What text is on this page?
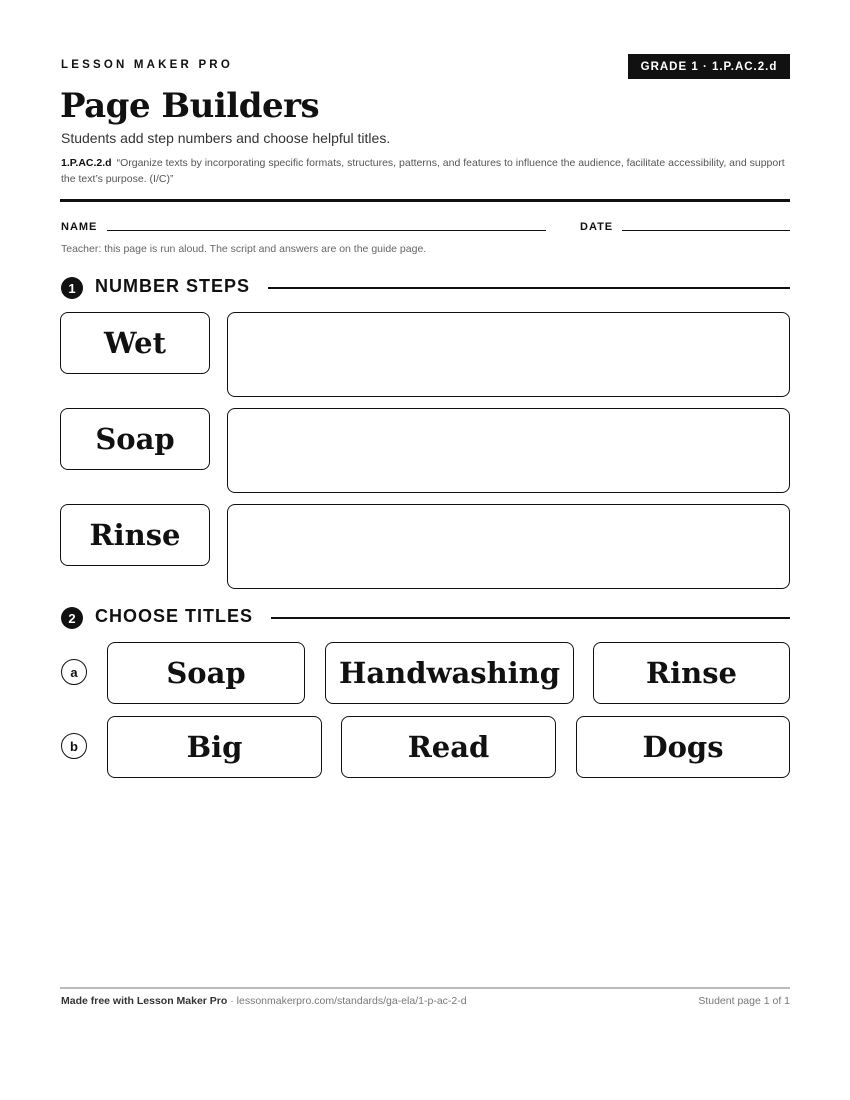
LESSON MAKER PRO	GRADE 1 · 1.P.AC.2.d
Page Builders
Students add step numbers and choose helpful titles.
1.P.AC.2.d “Organize texts by incorporating specific formats, structures, patterns, and features to influence the audience, facilitate accessibility, and support the text’s purpose. (I/C)”
NAME	DATE
Teacher: this page is run aloud. The script and answers are on the guide page.
1	NUMBER STEPS
Wet
Soap
Rinse
2	CHOOSE TITLES
a	Soap	Handwashing	Rinse
b	Big	Read	Dogs
Made free with Lesson Maker Pro · lessonmakerpro.com/standards/ga-ela/1-p-ac-2-d	Student page 1 of 1
